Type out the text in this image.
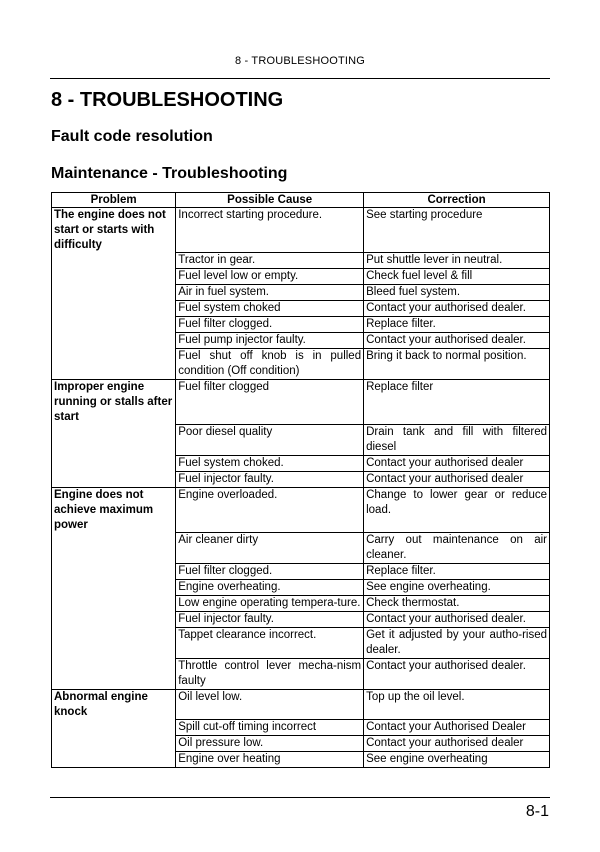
8 - TROUBLESHOOTING
8 - TROUBLESHOOTING
Fault code resolution
Maintenance - Troubleshooting
Problem	Possible Cause	Correction
The engine does not start or starts with difficulty	Incorrect starting procedure.	See starting procedure
	Tractor in gear.	Put shuttle lever in neutral.
	Fuel level low or empty.	Check fuel level & fill
	Air in fuel system.	Bleed fuel system.
	Fuel system choked	Contact your authorised dealer.
	Fuel filter clogged.	Replace filter.
	Fuel pump injector faulty.	Contact your authorised dealer.
	Fuel shut off knob is in pulled condition (Off condition)	Bring it back to normal position.
Improper engine running or stalls after start	Fuel filter clogged	Replace filter
	Poor diesel quality	Drain tank and fill with filtered diesel
	Fuel system choked.	Contact your authorised dealer
	Fuel injector faulty.	Contact your authorised dealer
Engine does not achieve maximum power	Engine overloaded.	Change to lower gear or reduce load.
	Air cleaner dirty	Carry out maintenance on air cleaner.
	Fuel filter clogged.	Replace filter.
	Engine overheating.	See engine overheating.
	Low engine operating tempera-ture.	Check thermostat.
	Fuel injector faulty.	Contact your authorised dealer.
	Tappet clearance incorrect.	Get it adjusted by your autho-rised dealer.
	Throttle control lever mecha-nism faulty	Contact your authorised dealer.
Abnormal engine knock	Oil level low.	Top up the oil level.
	Spill cut-off timing incorrect	Contact your Authorised Dealer
	Oil pressure low.	Contact your authorised dealer
	Engine over heating	See engine overheating
8-1
